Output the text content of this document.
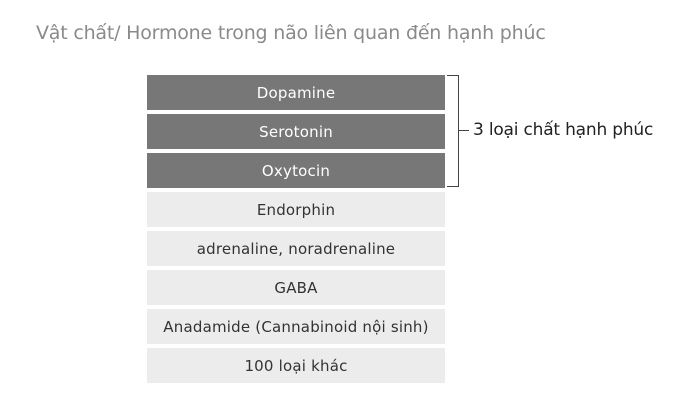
Vật chất/ Hormone trong não liên quan đến hạnh phúc
Dopamine
Serotonin
Oxytocin
Endorphin
adrenaline, noradrenaline
GABA
Anadamide (Cannabinoid nội sinh)
100 loại khác
3 loại chất hạnh phúc
